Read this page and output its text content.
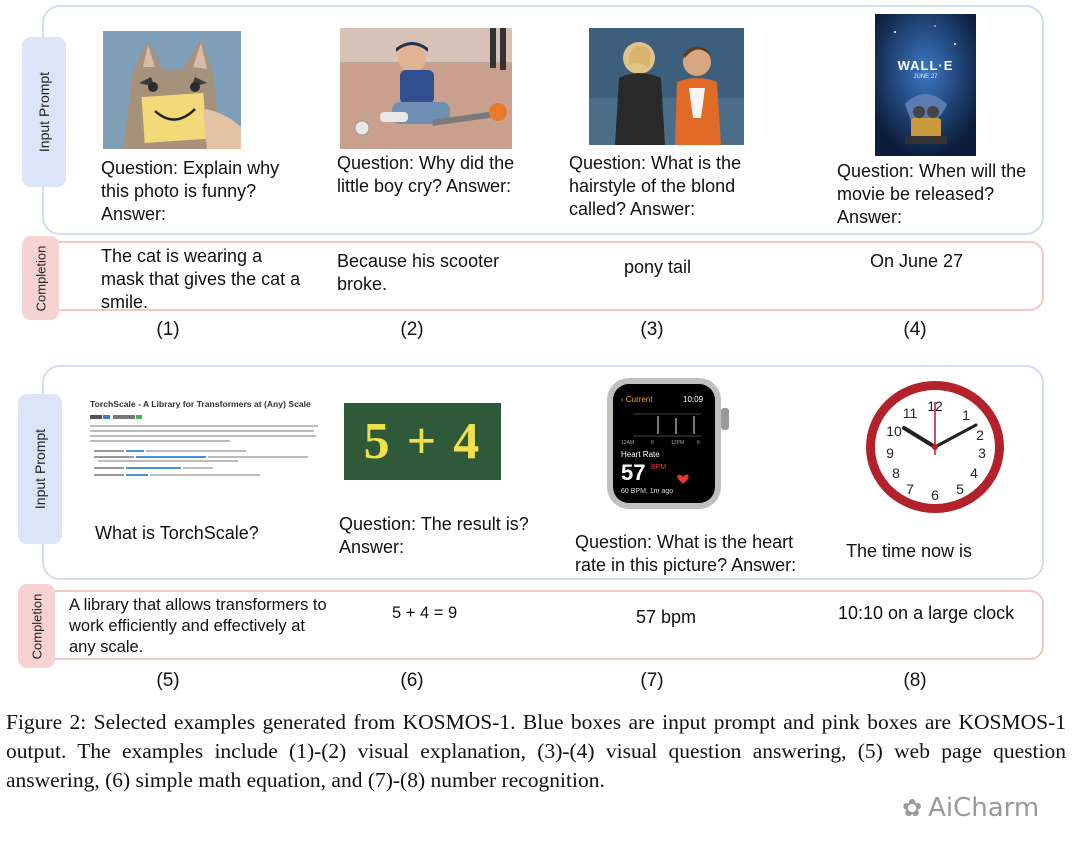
Input Prompt
Completion
Question: Explain why this photo is funny? Answer:
The cat is wearing a mask that gives the cat a smile.
(1)
Question: Why did the little boy cry? Answer:
Because his scooter broke.
(2)
Question: What is the hairstyle of the blond called? Answer:
pony tail
(3)
WALL·E
JUNE 27
Question: When will the movie be released? Answer:
On June 27
(4)
Input Prompt
Completion
TorchScale - A Library for Transformers at (Any) Scale
What is TorchScale?
A library that allows transformers to work efficiently and effectively at any scale.
(5)
5 + 4
Question: The result is? Answer:
5 + 4 = 9
(6)
‹ Current	10:09
12AM	6	12PM	6
Heart Rate
57 BPM
60 BPM, 1m ago
Question: What is the heart rate in this picture? Answer:
57 bpm
(7)
12
1
2
3
4
5
6
7
8
9
10
11
The time now is
10:10 on a large clock
(8)
Figure 2: Selected examples generated from KOSMOS-1. Blue boxes are input prompt and pink boxes are KOSMOS-1 output. The examples include (1)-(2) visual explanation, (3)-(4) visual question answering, (5) web page question answering, (6) simple math equation, and (7)-(8) number recognition.
✿ AiCharm
